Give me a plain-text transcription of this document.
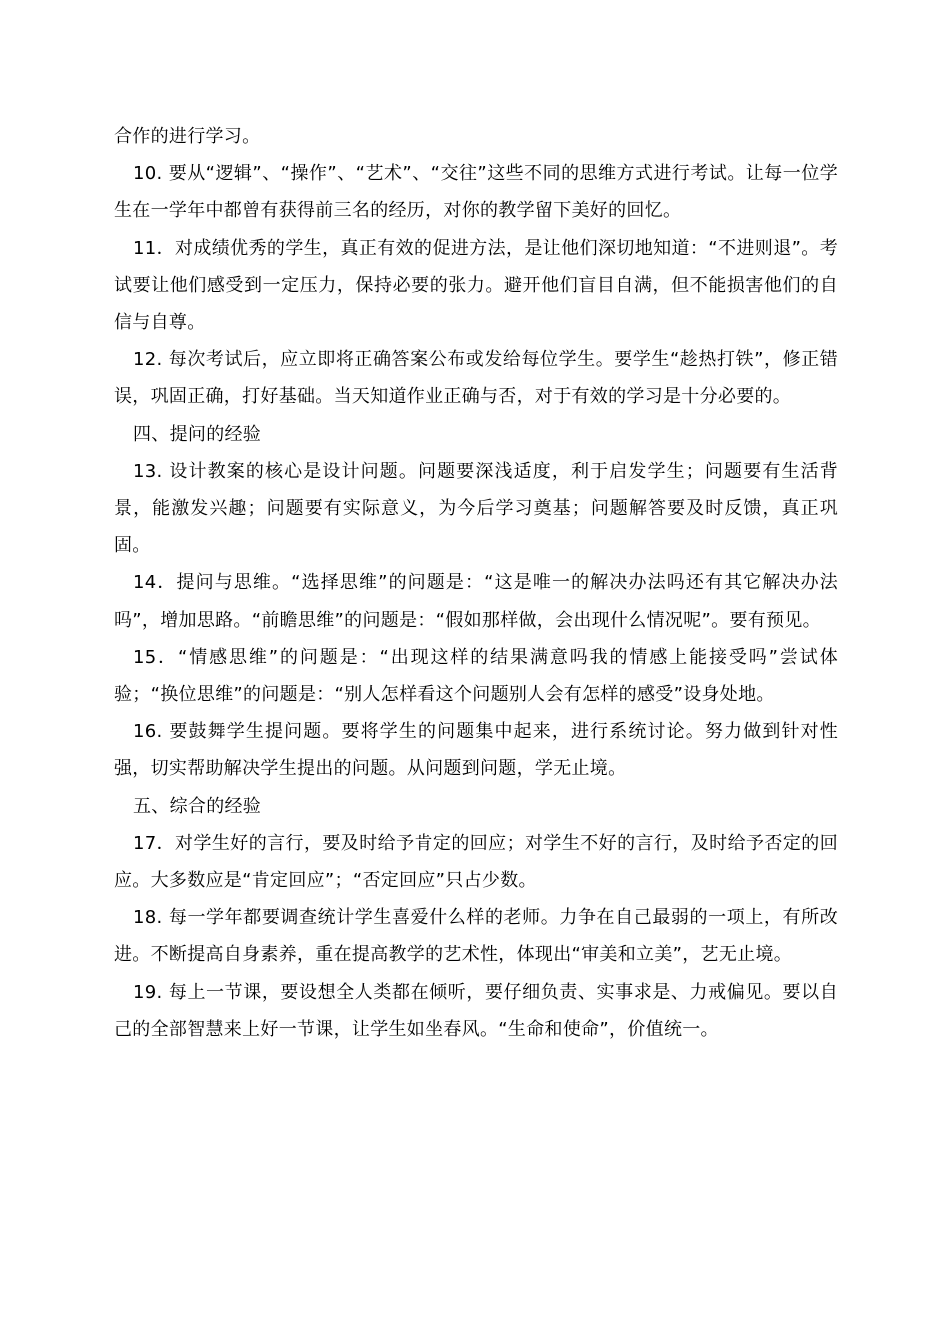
合作的进行学习。

10. 要从“逻辑”、“操作”、“艺术”、“交往”这些不同的思维方式进行考试。让每一位学生在一学年中都曾有获得前三名的经历，对你的教学留下美好的回忆。

11．对成绩优秀的学生，真正有效的促进方法，是让他们深切地知道：“不进则退”。考试要让他们感受到一定压力，保持必要的张力。避开他们盲目自满，但不能损害他们的自信与自尊。

12. 每次考试后，应立即将正确答案公布或发给每位学生。要学生“趁热打铁”，修正错误，巩固正确，打好基础。当天知道作业正确与否，对于有效的学习是十分必要的。

四、提问的经验

13. 设计教案的核心是设计问题。问题要深浅适度，利于启发学生；问题要有生活背景，能激发兴趣；问题要有实际意义，为今后学习奠基；问题解答要及时反馈，真正巩固。

14．提问与思维。“选择思维”的问题是：“这是唯一的解决办法吗还有其它解决办法吗”，增加思路。“前瞻思维”的问题是：“假如那样做，会出现什么情况呢”。要有预见。

15．“情感思维”的问题是：“出现这样的结果满意吗我的情感上能接受吗”尝试体验；“换位思维”的问题是：“别人怎样看这个问题别人会有怎样的感受”设身处地。

16. 要鼓舞学生提问题。要将学生的问题集中起来，进行系统讨论。努力做到针对性强，切实帮助解决学生提出的问题。从问题到问题，学无止境。

五、综合的经验

17．对学生好的言行，要及时给予肯定的回应；对学生不好的言行，及时给予否定的回应。大多数应是“肯定回应”；“否定回应”只占少数。

18. 每一学年都要调查统计学生喜爱什么样的老师。力争在自己最弱的一项上，有所改进。不断提高自身素养，重在提高教学的艺术性，体现出“审美和立美”，艺无止境。

19. 每上一节课，要设想全人类都在倾听，要仔细负责、实事求是、力戒偏见。要以自己的全部智慧来上好一节课，让学生如坐春风。“生命和使命”，价值统一。
